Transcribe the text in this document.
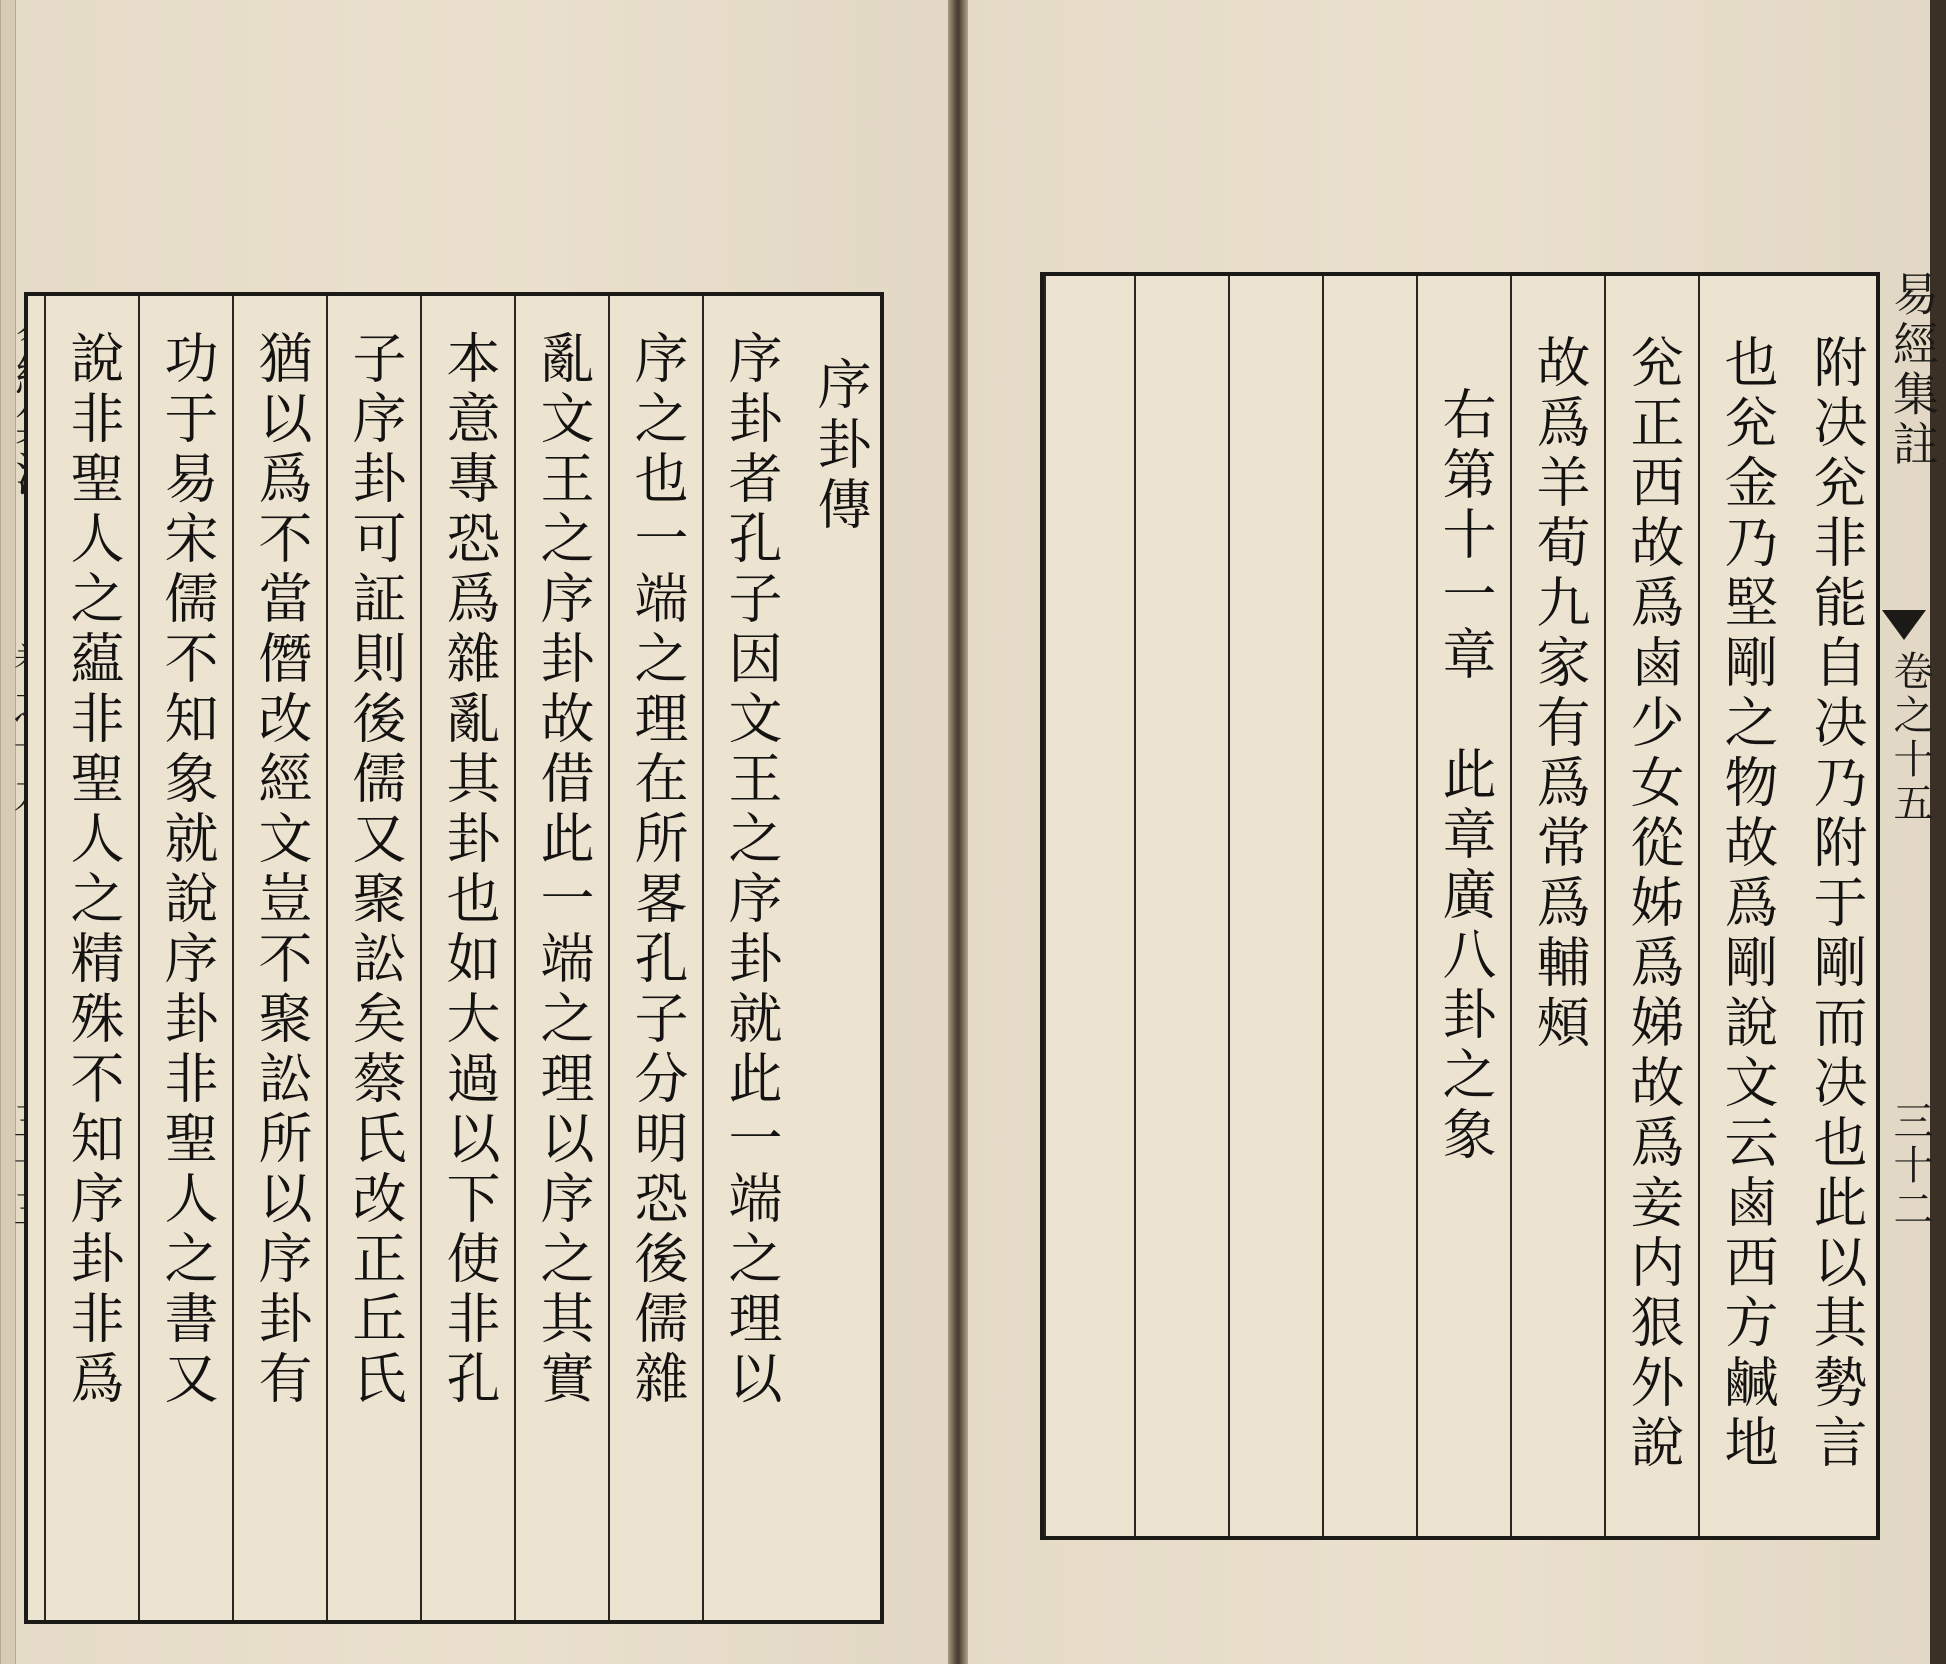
序卦傳
序卦者孔子因文王之序卦就此一端之理以
序之也一端之理在所畧孔子分明恐後儒雜
亂文王之序卦故借此一端之理以序之其實
本意專恐爲雜亂其卦也如大過以下使非孔
子序卦可証則後儒又聚訟矣蔡氏改正丘氏
猶以爲不當僭改經文豈不聚訟所以序卦有
功于易宋儒不知象就說序卦非聖人之書又
說非聖人之藴非聖人之精殊不知序卦非爲	易經集註
卷之十五
三十二
附决兊非能自决乃附于剛而决也此以其勢言
也兊金乃堅剛之物故爲剛說文云鹵西方鹹地
兊正西故爲鹵少女從姊爲娣故爲妾内狠外說
故爲羊荀九家有爲常爲輔頰
右第十一章　此章廣八卦之象
